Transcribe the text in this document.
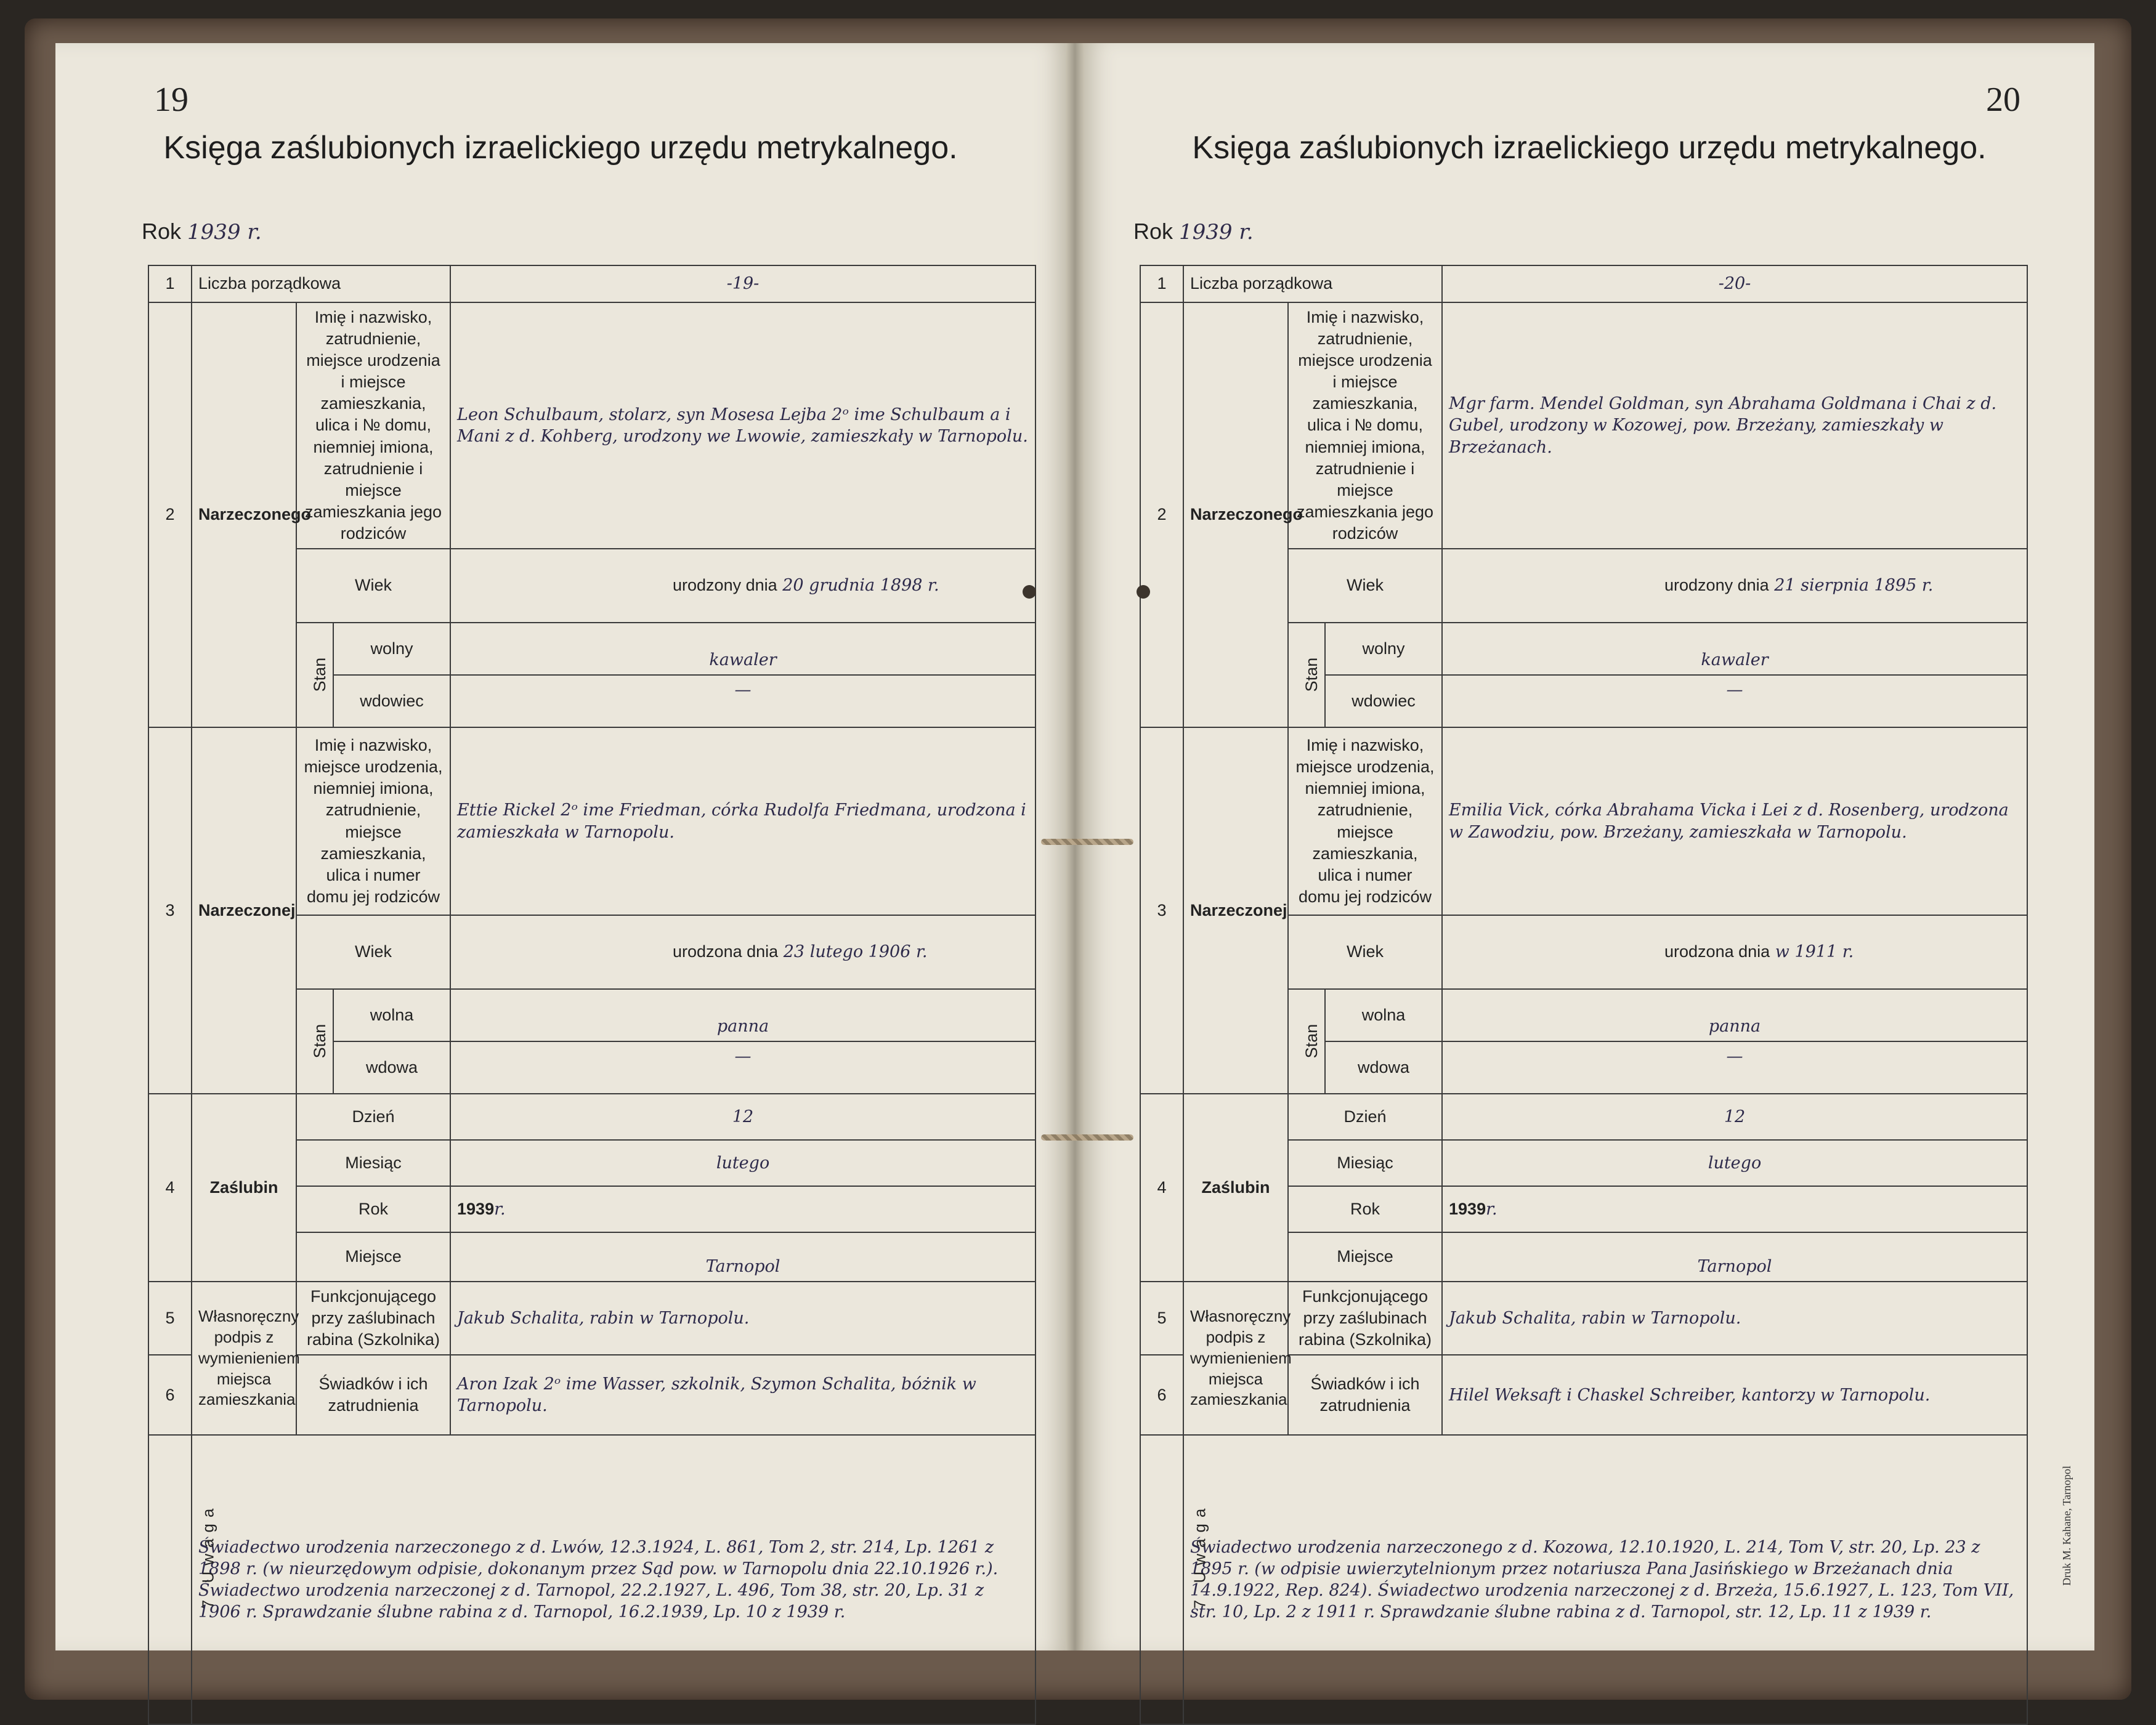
19
Księga zaślubionych izraelickiego urzędu metrykalnego.
Rok 1939 r.
1	Liczba porządkowa			-19-
2	Narzeczonego	Imię i nazwisko, zatrudnienie, miejsce urodzenia i miejsce zamieszkania, ulica i № domu, niemniej imiona, zatrudnienie i miejsce zamieszkania jego rodziców		Leon Schulbaum, stolarz, syn Mosesa Lejba 2ᵒ ime Schulbaum a i Mani z d. Kohberg, urodzony we Lwowie, zamieszkały w Tarnopolu.
		Wiek		urodzony dnia 20 grudnia 1898 r.
		Stan	wolny	kawaler
			wdowiec	—
3	Narzeczonej	Imię i nazwisko, miejsce urodzenia, niemniej imiona, zatrudnienie, miejsce zamieszkania, ulica i numer domu jej rodziców		Ettie Rickel 2ᵒ ime Friedman, córka Rudolfa Friedmana, urodzona i zamieszkała w Tarnopolu.
		Wiek		urodzona dnia 23 lutego 1906 r.
		Stan	wolna	panna
			wdowa	—
4	Zaślubin	Dzień		12
		Miesiąc		lutego
		Rok		1939r.
		Miejsce		Tarnopol
5	Własnoręczny podpis z wymienieniem miejsca zamieszkania	Funkcjonującego przy zaślubinach rabina (Szkolnika)		Jakub Schalita, rabin w Tarnopolu.
6		Świadków i ich zatrudnienia		Aron Izak 2ᵒ ime Wasser, szkolnik, Szymon Schalita, bóżnik w Tarnopolu.
7 Uwaga	Świadectwo urodzenia narzeczonego z d. Lwów, 12.3.1924, L. 861, Tom 2, str. 214, Lp. 1261 z 1898 r. (w nieurzędowym odpisie, dokonanym przez Sąd pow. w Tarnopolu dnia 22.10.1926 r.). Świadectwo urodzenia narzeczonej z d. Tarnopol, 22.2.1927, L. 496, Tom 38, str. 20, Lp. 31 z 1906 r. Sprawdzanie ślubne rabina z d. Tarnopol, 16.2.1939, Lp. 10 z 1939 r.			
20
Księga zaślubionych izraelickiego urzędu metrykalnego.
Rok 1939 r.
1	Liczba porządkowa			-20-
2	Narzeczonego	Imię i nazwisko, zatrudnienie, miejsce urodzenia i miejsce zamieszkania, ulica i № domu, niemniej imiona, zatrudnienie i miejsce zamieszkania jego rodziców		Mgr farm. Mendel Goldman, syn Abrahama Goldmana i Chai z d. Gubel, urodzony w Kozowej, pow. Brzeżany, zamieszkały w Brzeżanach.
		Wiek		urodzony dnia 21 sierpnia 1895 r.
		Stan	wolny	kawaler
			wdowiec	—
3	Narzeczonej	Imię i nazwisko, miejsce urodzenia, niemniej imiona, zatrudnienie, miejsce zamieszkania, ulica i numer domu jej rodziców		Emilia Vick, córka Abrahama Vicka i Lei z d. Rosenberg, urodzona w Zawodziu, pow. Brzeżany, zamieszkała w Tarnopolu.
		Wiek		urodzona dnia w 1911 r.
		Stan	wolna	panna
			wdowa	—
4	Zaślubin	Dzień		12
		Miesiąc		lutego
		Rok		1939r.
		Miejsce		Tarnopol
5	Własnoręczny podpis z wymienieniem miejsca zamieszkania	Funkcjonującego przy zaślubinach rabina (Szkolnika)		Jakub Schalita, rabin w Tarnopolu.
6		Świadków i ich zatrudnienia		Hilel Weksaft i Chaskel Schreiber, kantorzy w Tarnopolu.
7 Uwaga	Świadectwo urodzenia narzeczonego z d. Kozowa, 12.10.1920, L. 214, Tom V, str. 20, Lp. 23 z 1895 r. (w odpisie uwierzytelnionym przez notariusza Pana Jasińskiego w Brzeżanach dnia 14.9.1922, Rep. 824). Świadectwo urodzenia narzeczonej z d. Brzeża, 15.6.1927, L. 123, Tom VII, str. 10, Lp. 2 z 1911 r. Sprawdzanie ślubne rabina z d. Tarnopol, str. 12, Lp. 11 z 1939 r.			
Druk M. Kahane, Tarnopol
